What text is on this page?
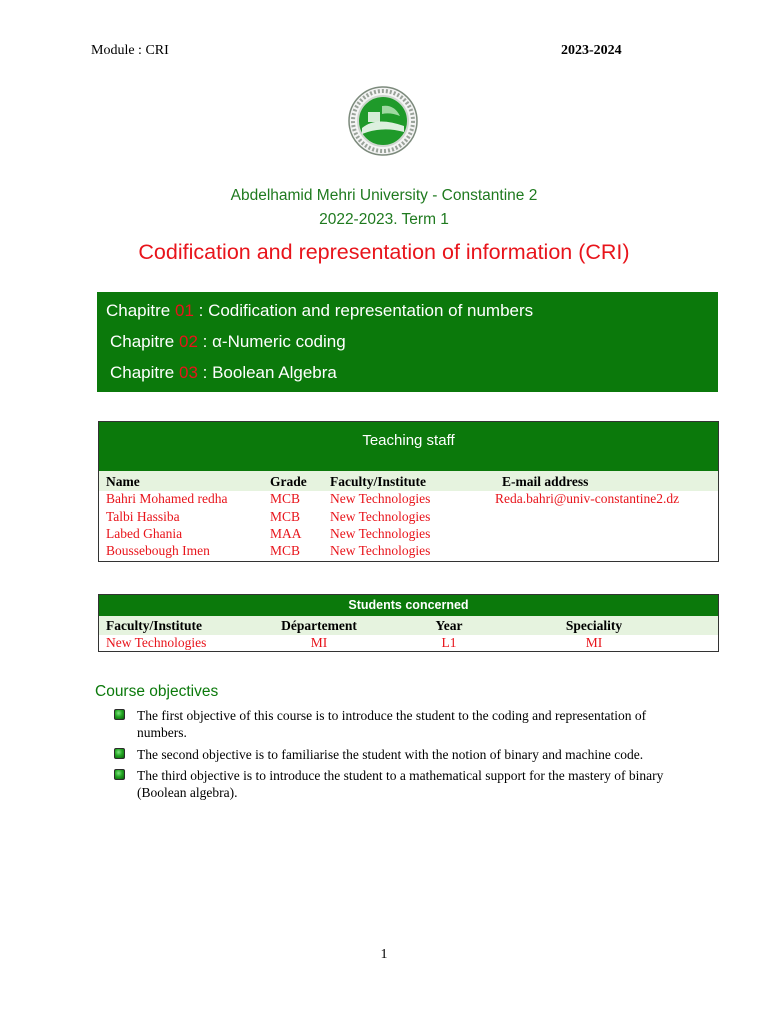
Module : CRI	2023-2024
Abdelhamid Mehri University - Constantine 2
2022-2023. Term 1
Codification and representation of information (CRI)
Chapitre 01 : Codification and representation of numbers
Chapitre 02 : α-Numeric coding
Chapitre 03 : Boolean Algebra
Teaching staff
Name	Grade Faculty/Institute	E-mail address
Bahri Mohamed redha	MCB New Technologies	Reda.bahri@univ-constantine2.dz
Talbi Hassiba	MCB New Technologies
Labed Ghania	MAA New Technologies
Boussebough Imen	MCB New Technologies
Students concerned
Faculty/Institute	Département	Year	Speciality
New Technologies	MI	L1	MI
Course objectives
The first objective of this course is to introduce the student to the coding and representation of numbers.
The second objective is to familiarise the student with the notion of binary and machine code.
The third objective is to introduce the student to a mathematical support for the mastery of binary (Boolean algebra).
1
